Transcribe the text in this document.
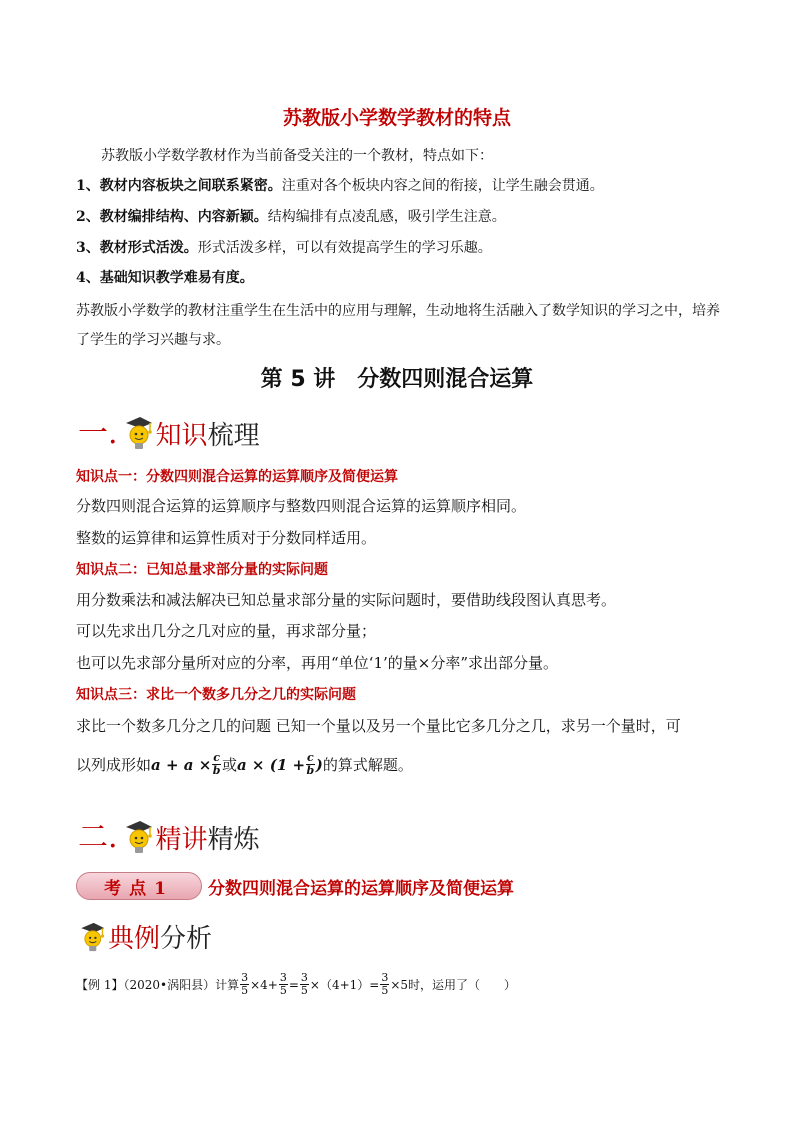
苏教版小学数学教材的特点
苏教版小学数学教材作为当前备受关注的一个教材，特点如下：
1、教材内容板块之间联系紧密。注重对各个板块内容之间的衔接，让学生融会贯通。
2、教材编排结构、内容新颖。结构编排有点凌乱感，吸引学生注意。
3、教材形式活泼。形式活泼多样，可以有效提高学生的学习乐趣。
4、基础知识教学难易有度。
苏教版小学数学的教材注重学生在生活中的应用与理解，生动地将生活融入了数学知识的学习之中，培养
了学生的学习兴趣与求。
第 5 讲　分数四则混合运算
一. 知识 梳理
知识点一：分数四则混合运算的运算顺序及简便运算
分数四则混合运算的运算顺序与整数四则混合运算的运算顺序相同。
整数的运算律和运算性质对于分数同样适用。
知识点二：已知总量求部分量的实际问题
用分数乘法和减法解决已知总量求部分量的实际问题时，要借助线段图认真思考。
可以先求出几分之几对应的量，再求部分量；
也可以先求部分量所对应的分率，再用“单位‘1’的量×分率”求出部分量。
知识点三：求比一个数多几分之几的实际问题
求比一个数多几分之几的问题 已知一个量以及另一个量比它多几分之几，求另一个量时，可
以列成形如 $a + a \times \frac{c}{b}$ 或 $a \times (1 + \frac{c}{b}$ ) 的算式解题。
二. 精讲 精炼
考点1	分数四则混合运算的运算顺序及简便运算
典例 分析
【例 1】（2020•涡阳县）计算 $\frac{3}{5} \times 4+ \frac{3}{5} = \frac{3}{5} \times(4+1)= \frac{3}{5} \times 5$时，运用了（　　）
